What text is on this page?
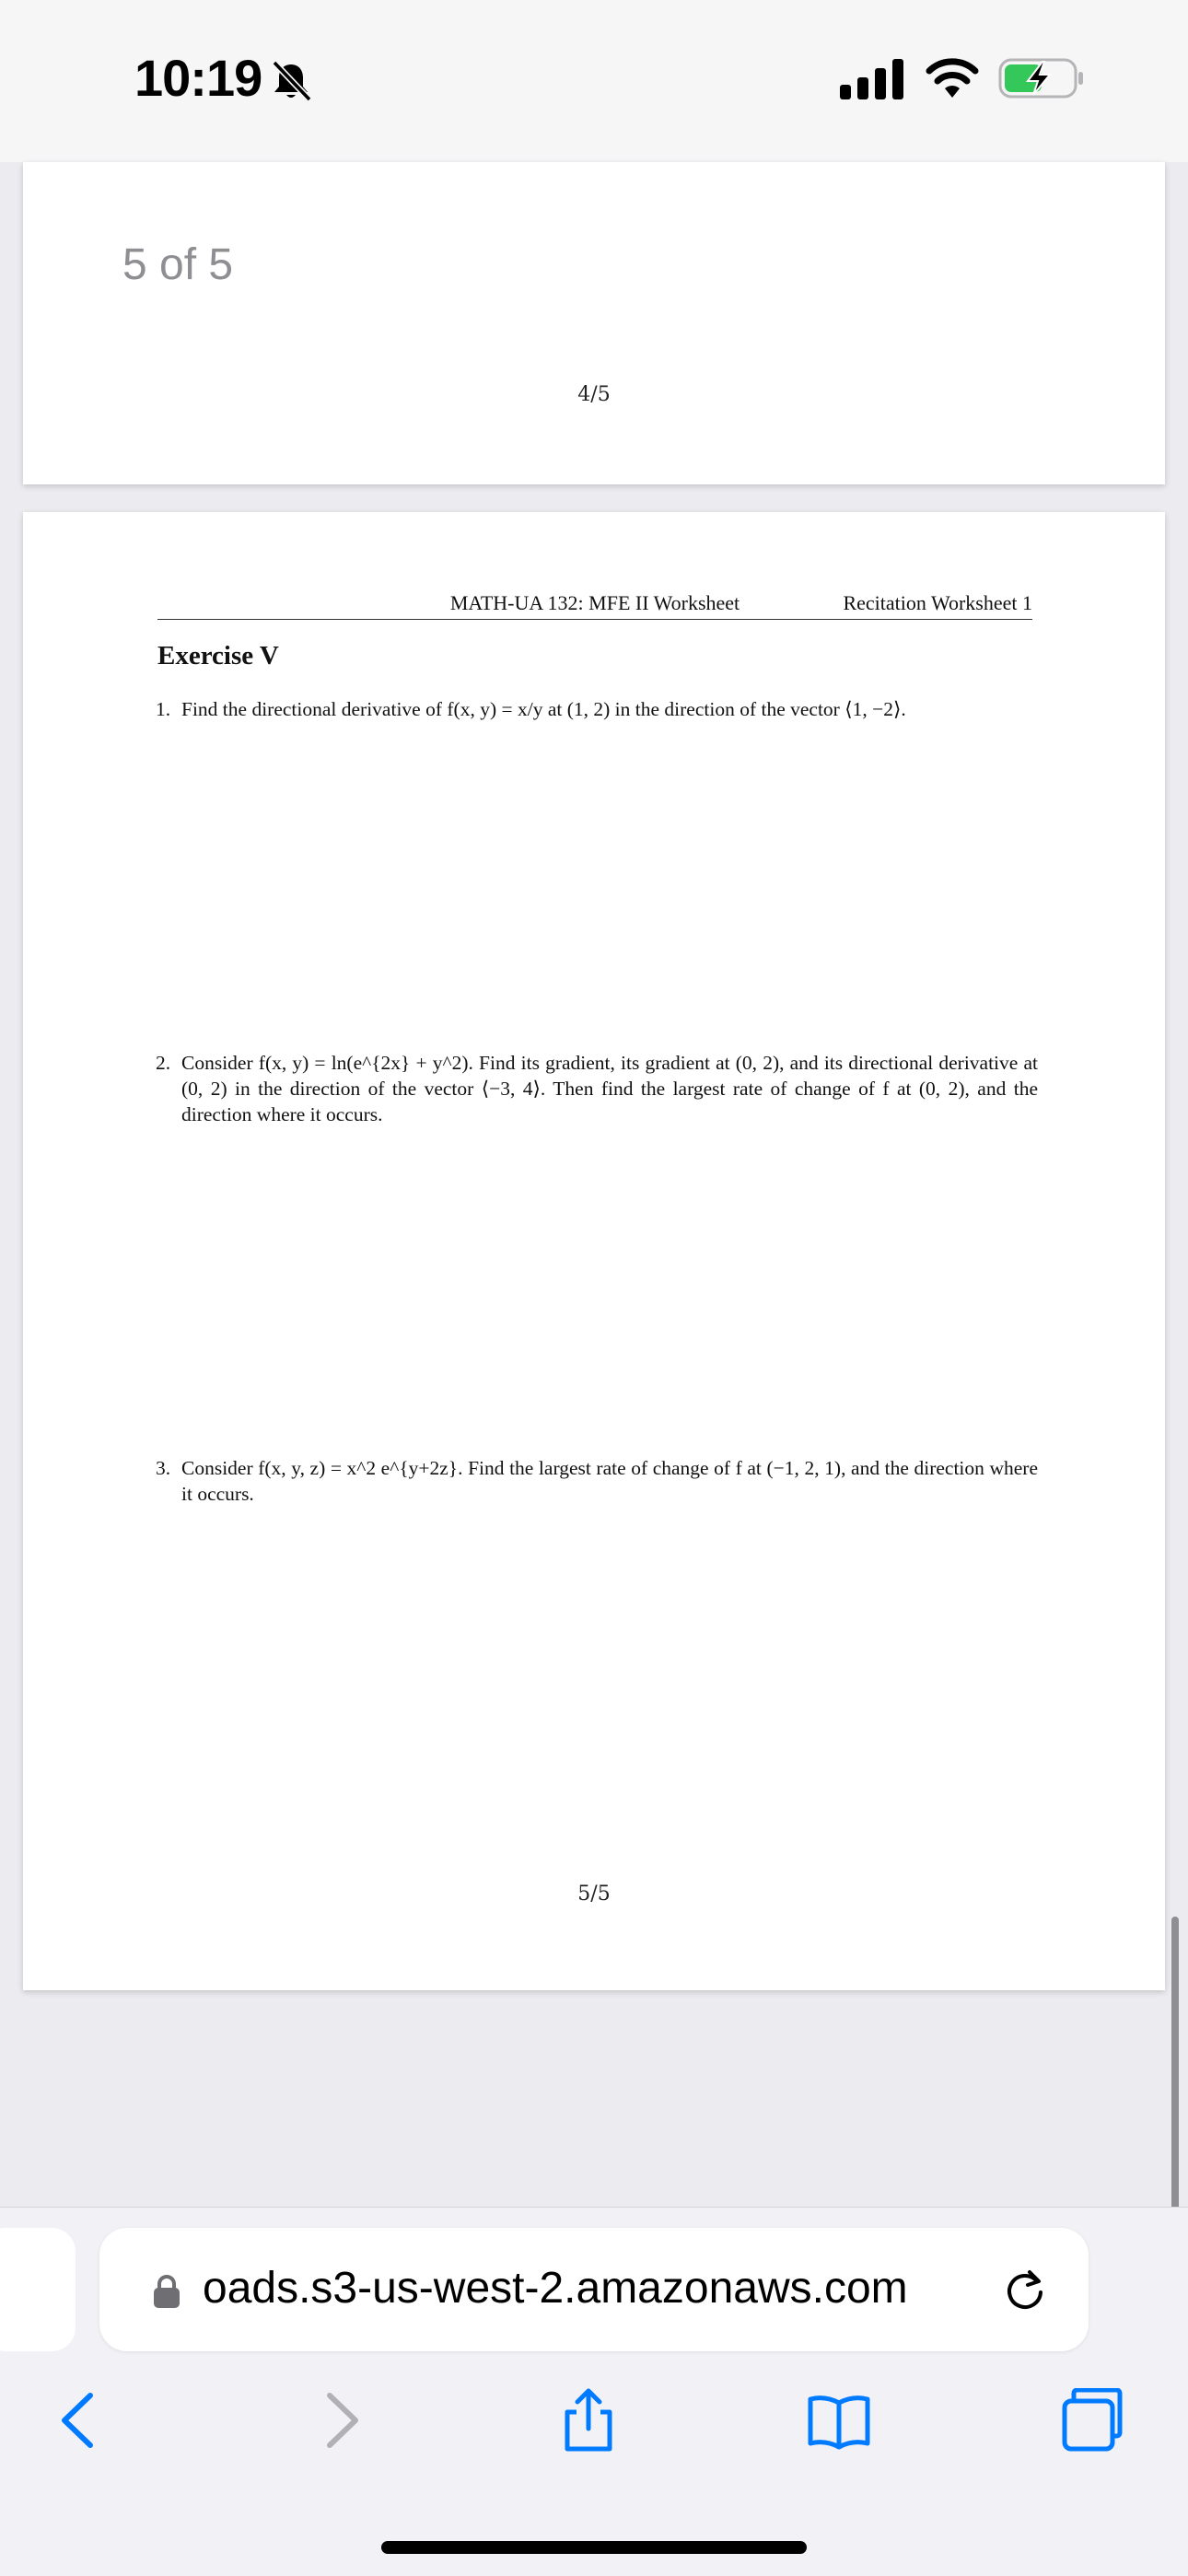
10:19
5 of 5
4/5
MATH-UA 132: MFE II Worksheet	Recitation Worksheet 1
Exercise V
1. Find the directional derivative of f(x, y) = x/y at (1, 2) in the direction of the vector ⟨1, −2⟩.
2. Consider f(x, y) = ln(e^{2x} + y^2). Find its gradient, its gradient at (0, 2), and its directional derivative at (0, 2) in the direction of the vector ⟨−3, 4⟩. Then find the largest rate of change of f at (0, 2), and the direction where it occurs.
3. Consider f(x, y, z) = x^2 e^{y+2z}. Find the largest rate of change of f at (−1, 2, 1), and the direction where it occurs.
5/5
oads.s3-us-west-2.amazonaws.com
